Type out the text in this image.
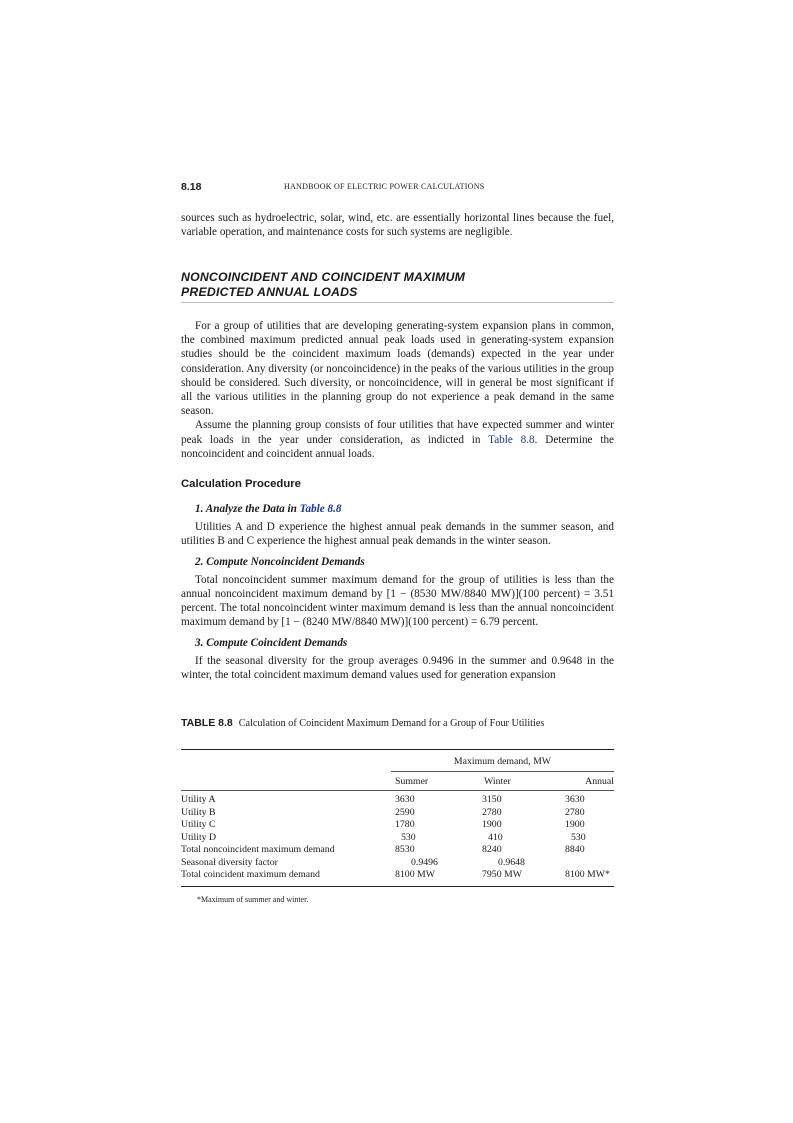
8.18	HANDBOOK OF ELECTRIC POWER CALCULATIONS

sources such as hydroelectric, solar, wind, etc. are essentially horizontal lines because the fuel, variable operation, and maintenance costs for such systems are negligible.

NONCOINCIDENT AND COINCIDENT MAXIMUM
PREDICTED ANNUAL LOADS

For a group of utilities that are developing generating-system expansion plans in common, the combined maximum predicted annual peak loads used in generating-system expansion studies should be the coincident maximum loads (demands) expected in the year under consideration. Any diversity (or noncoincidence) in the peaks of the various utilities in the group should be considered. Such diversity, or noncoincidence, will in general be most significant if all the various utilities in the planning group do not experience a peak demand in the same season.

Assume the planning group consists of four utilities that have expected summer and winter peak loads in the year under consideration, as indicted in Table 8.8. Determine the noncoincident and coincident annual loads.

Calculation Procedure
1. Analyze the Data in Table 8.8

Utilities A and D experience the highest annual peak demands in the summer season, and utilities B and C experience the highest annual peak demands in the winter season.

2. Compute Noncoincident Demands

Total noncoincident summer maximum demand for the group of utilities is less than the annual noncoincident maximum demand by [1 − (8530 MW/8840 MW)](100 percent) = 3.51 percent. The total noncoincident winter maximum demand is less than the annual noncoincident maximum demand by [1 − (8240 MW/8840 MW)](100 percent) = 6.79 percent.

3. Compute Coincident Demands

If the seasonal diversity for the group averages 0.9496 in the summer and 0.9648 in the winter, the total coincident maximum demand values used for generation expansion

TABLE 8.8 Calculation of Coincident Maximum Demand for a Group of Four Utilities
Maximum demand, MW
Summer	Winter	Annual
Utility A	3630	3150	3630
Utility B	2590	2780	2780
Utility C	1780	1900	1900
Utility D	530	410	530
Total noncoincident maximum demand	8530	8240	8840
Seasonal diversity factor	0.9496	0.9648
Total coincident maximum demand	8100 MW	7950 MW	8100 MW*
*Maximum of summer and winter.
